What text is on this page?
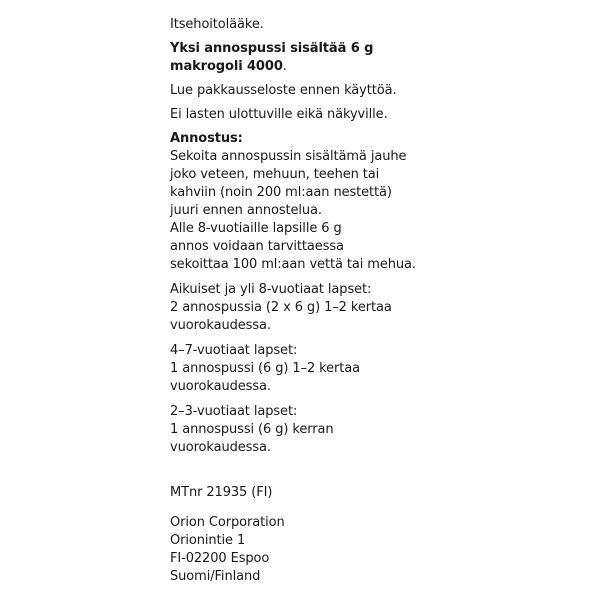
Itsehoitolääke.
Yksi annospussi sisältää 6 g
makrogoli 4000.
Lue pakkausseloste ennen käyttöä.
Ei lasten ulottuville eikä näkyville.
Annostus:
Sekoita annospussin sisältämä jauhe
joko veteen, mehuun, teehen tai
kahviin (noin 200 ml:aan nestettä)
juuri ennen annostelua.
Alle 8-vuotiaille lapsille 6 g
annos voidaan tarvittaessa
sekoittaa 100 ml:aan vettä tai mehua.
Aikuiset ja yli 8-vuotiaat lapset:
2 annospussia (2 x 6 g) 1–2 kertaa
vuorokaudessa.
4–7-vuotiaat lapset:
1 annospussi (6 g) 1–2 kertaa
vuorokaudessa.
2–3-vuotiaat lapset:
1 annospussi (6 g) kerran
vuorokaudessa.
MTnr 21935 (FI)
Orion Corporation
Orionintie 1
FI-02200 Espoo
Suomi/Finland
